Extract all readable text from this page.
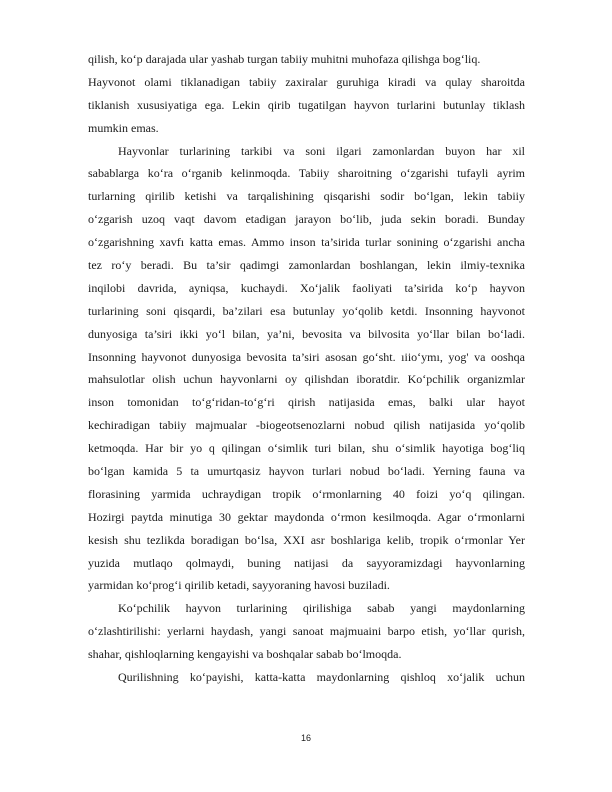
qilish, ko‘p darajada ular yashab turgan tabiiy muhitni muhofaza qilishga bog‘liq.
Hayvonot olami tiklanadigan tabiiy zaxiralar guruhiga kiradi va qulay sharoitda
tiklanish xususiyatiga ega. Lekin qirib tugatilgan hayvon turlarini butunlay tiklash
mumkin emas.
Hayvonlar turlarining tarkibi va soni ilgari zamonlardan buyon har xil
sabablarga ko‘ra o‘rganib kelinmoqda. Tabiiy sharoitning o‘zgarishi tufayli ayrim
turlarning qirilib ketishi va tarqalishining qisqarishi sodir bo‘lgan, lekin tabiiy
o‘zgarish uzoq vaqt davom etadigan jarayon bo‘lib, juda sekin boradi. Bunday
o‘zgarishning xavfı katta emas. Ammo inson ta’sirida turlar sonining o‘zgarishi ancha
tez ro‘y beradi. Bu ta’sir qadimgi zamonlardan boshlangan, lekin ilmiy-texnika
inqilobi davrida, ayniqsa, kuchaydi. Xo‘jalik faoliyati ta’sirida ko‘p hayvon
turlarining soni qisqardi, ba’zilari esa butunlay yo‘qolib ketdi. Insonning hayvonot
dunyosiga ta’siri ikki yo‘l bilan, ya’ni, bevosita va bilvosita yo‘llar bilan bo‘ladi.
Insonning hayvonot dunyosiga bevosita ta’siri asosan go‘sht. ıiio‘ymı, yog' va ooshqa
mahsulotlar olish uchun hayvonlarni oy qilishdan iboratdir. Ko‘pchilik organizmlar
inson tomonidan to‘g‘ridan-to‘g‘ri qirish natijasida emas, balki ular hayot
kechiradigan tabiiy majmualar -biogeotsenozlarni nobud qilish natijasida yo‘qolib
ketmoqda. Har bir yo q qilingan o‘simlik turi bilan, shu o‘simlik hayotiga bog‘liq
bo‘lgan kamida 5 ta umurtqasiz hayvon turlari nobud bo‘ladi. Yerning fauna va
florasining yarmida uchraydigan tropik o‘rmonlarning 40 foizi yo‘q qilingan.
Hozirgi paytda minutiga 30 gektar maydonda o‘rmon kesilmoqda. Agar o‘rmonlarni
kesish shu tezlikda boradigan bo‘lsa, XXI asr boshlariga kelib, tropik o‘rmonlar Yer
yuzida mutlaqo qolmaydi, buning natijasi da sayyoramizdagi hayvonlarning
yarmidan ko‘prog‘i qirilib ketadi, sayyoraning havosi buziladi.
Ko‘pchilik hayvon turlarining qirilishiga sabab yangi maydonlarning
o‘zlashtirilishi: yerlarni haydash, yangi sanoat majmuaini barpo etish, yo‘llar qurish,
shahar, qishloqlarning kengayishi va boshqalar sabab bo‘lmoqda.
Qurilishning ko‘payishi, katta-katta maydonlarning qishloq xo‘jalik uchun
16
